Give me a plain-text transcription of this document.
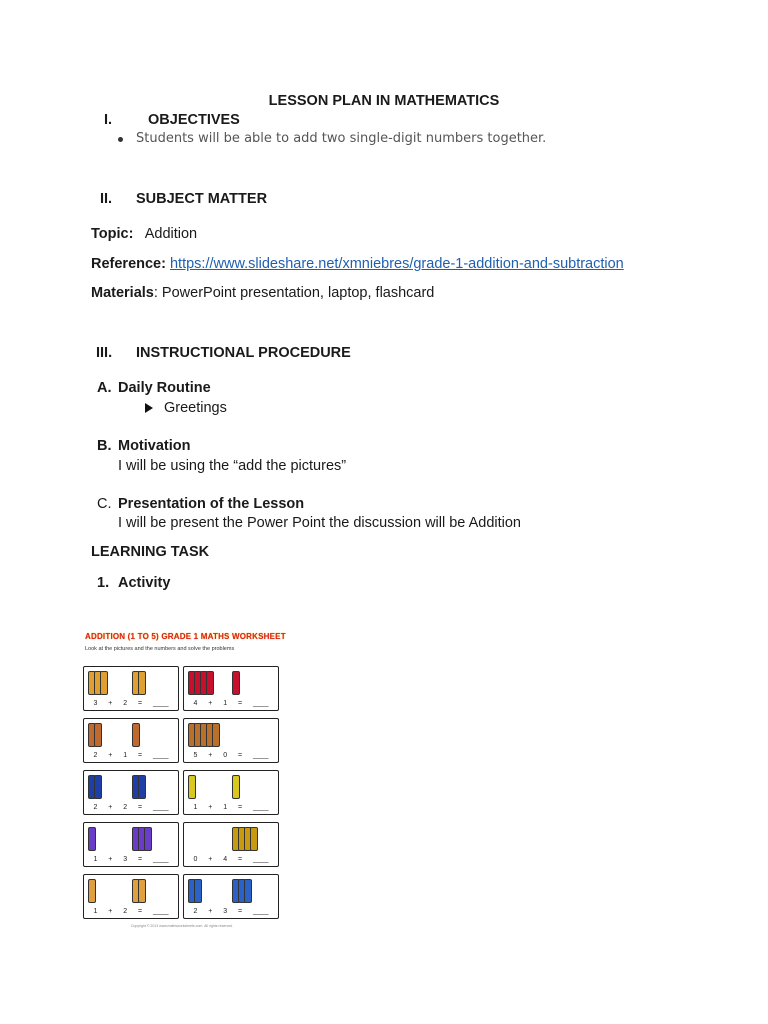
LESSON PLAN IN MATHEMATICS
I. OBJECTIVES
Students will be able to add two single-digit numbers together.
II. SUBJECT MATTER
Topic: Addition
Reference: https://www.slideshare.net/xmniebres/grade-1-addition-and-subtraction
Materials: PowerPoint presentation, laptop, flashcard
III. INSTRUCTIONAL PROCEDURE
A. Daily Routine
Greetings
B. Motivation
I will be using the “add the pictures”
C. Presentation of the Lesson
I will be present the Power Point the discussion will be Addition
LEARNING TASK
1. Activity
ADDITION (1 TO 5) GRADE 1 MATHS WORKSHEET
Look at the pictures and the numbers and solve the problems
3 + 2 = ____	4 + 1 = ____
2 + 1 = ____	5 + 0 = ____
2 + 2 = ____	1 + 1 = ____
1 + 3 = ____	0 + 4 = ____
1 + 2 = ____	2 + 3 = ____
Copyright © 2013 www.mathsworksheets.com. All rights reserved.
